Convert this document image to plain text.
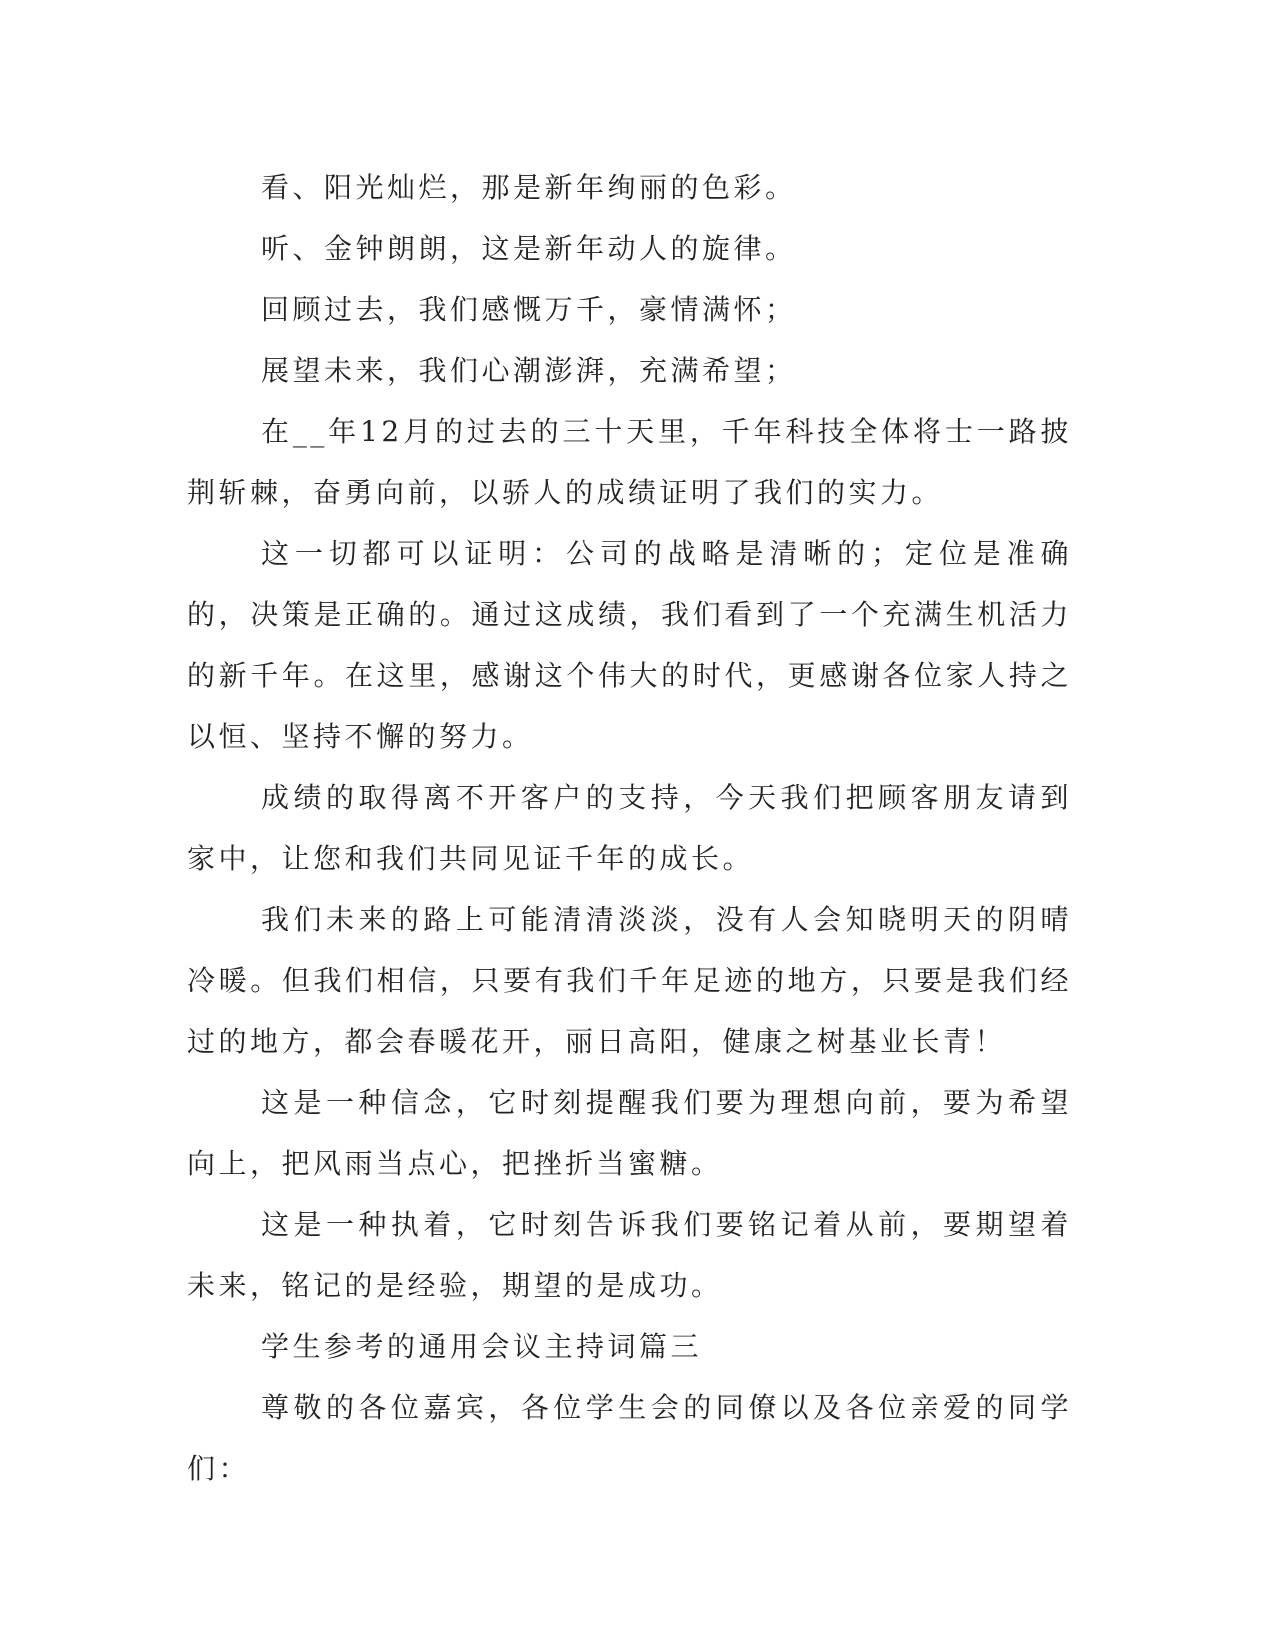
看、阳光灿烂，那是新年绚丽的色彩。

听、金钟朗朗，这是新年动人的旋律。

回顾过去，我们感慨万千，豪情满怀；

展望未来，我们心潮澎湃，充满希望；

在__年12月的过去的三十天里，千年科技全体将士一路披荆斩棘，奋勇向前，以骄人的成绩证明了我们的实力。

这一切都可以证明：公司的战略是清晰的；定位是准确的，决策是正确的。通过这成绩，我们看到了一个充满生机活力的新千年。在这里，感谢这个伟大的时代，更感谢各位家人持之以恒、坚持不懈的努力。

成绩的取得离不开客户的支持，今天我们把顾客朋友请到家中，让您和我们共同见证千年的成长。

我们未来的路上可能清清淡淡，没有人会知晓明天的阴晴冷暖。但我们相信，只要有我们千年足迹的地方，只要是我们经过的地方，都会春暖花开，丽日高阳，健康之树基业长青！

这是一种信念，它时刻提醒我们要为理想向前，要为希望向上，把风雨当点心，把挫折当蜜糖。

这是一种执着，它时刻告诉我们要铭记着从前，要期望着未来，铭记的是经验，期望的是成功。

学生参考的通用会议主持词篇三

尊敬的各位嘉宾，各位学生会的同僚以及各位亲爱的同学们：
